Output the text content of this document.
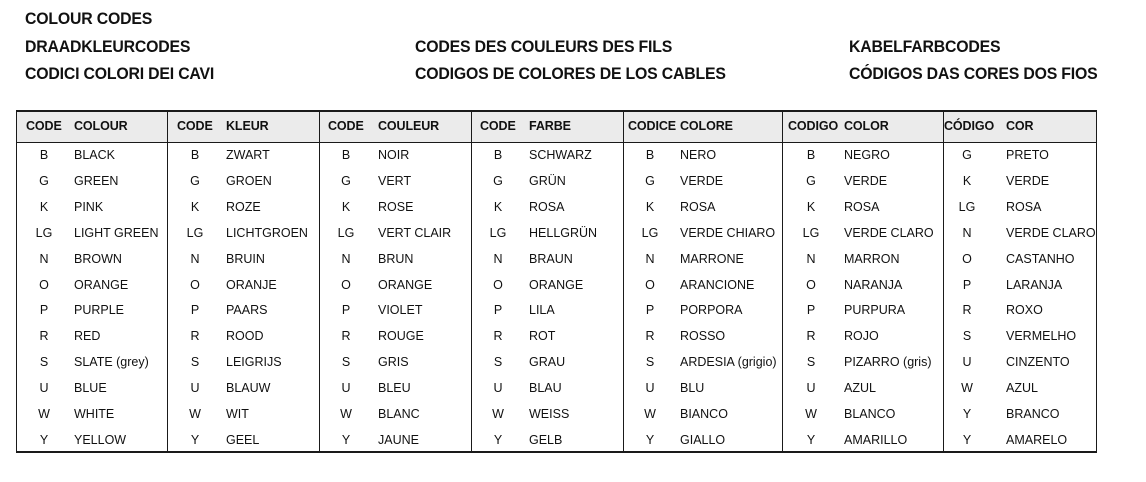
COLOUR CODES
DRAADKLEURCODES	CODES DES COULEURS DES FILS	KABELFARBCODES
CODICI COLORI DEI CAVI	CODIGOS DE COLORES DE LOS CABLES	CÓDIGOS DAS CORES DOS FIOS
CODE COLOUR
B	BLACK
G	GREEN
K	PINK
LG	LIGHT GREEN
N	BROWN
O	ORANGE
P	PURPLE
R	RED
S	SLATE (grey)
U	BLUE
W	WHITE
Y	YELLOW
CODE KLEUR
B	ZWART
G	GROEN
K	ROZE
LG	LICHTGROEN
N	BRUIN
O	ORANJE
P	PAARS
R	ROOD
S	LEIGRIJS
U	BLAUW
W	WIT
Y	GEEL
CODE COULEUR
B	NOIR
G	VERT
K	ROSE
LG	VERT CLAIR
N	BRUN
O	ORANGE
P	VIOLET
R	ROUGE
S	GRIS
U	BLEU
W	BLANC
Y	JAUNE
CODE FARBE
B	SCHWARZ
G	GRÜN
K	ROSA
LG	HELLGRÜN
N	BRAUN
O	ORANGE
P	LILA
R	ROT
S	GRAU
U	BLAU
W	WEISS
Y	GELB
CODICE COLORE
B	NERO
G	VERDE
K	ROSA
LG	VERDE CHIARO
N	MARRONE
O	ARANCIONE
P	PORPORA
R	ROSSO
S	ARDESIA (grigio)
U	BLU
W	BIANCO
Y	GIALLO
CODIGO COLOR
B	NEGRO
G	VERDE
K	ROSA
LG	VERDE CLARO
N	MARRON
O	NARANJA
P	PURPURA
R	ROJO
S	PIZARRO (gris)
U	AZUL
W	BLANCO
Y	AMARILLO
CÓDIGO COR
G	PRETO
K	VERDE
LG	ROSA
N	VERDE CLARO
O	CASTANHO
P	LARANJA
R	ROXO
S	VERMELHO
U	CINZENTO
W	AZUL
Y	BRANCO
Y	AMARELO
